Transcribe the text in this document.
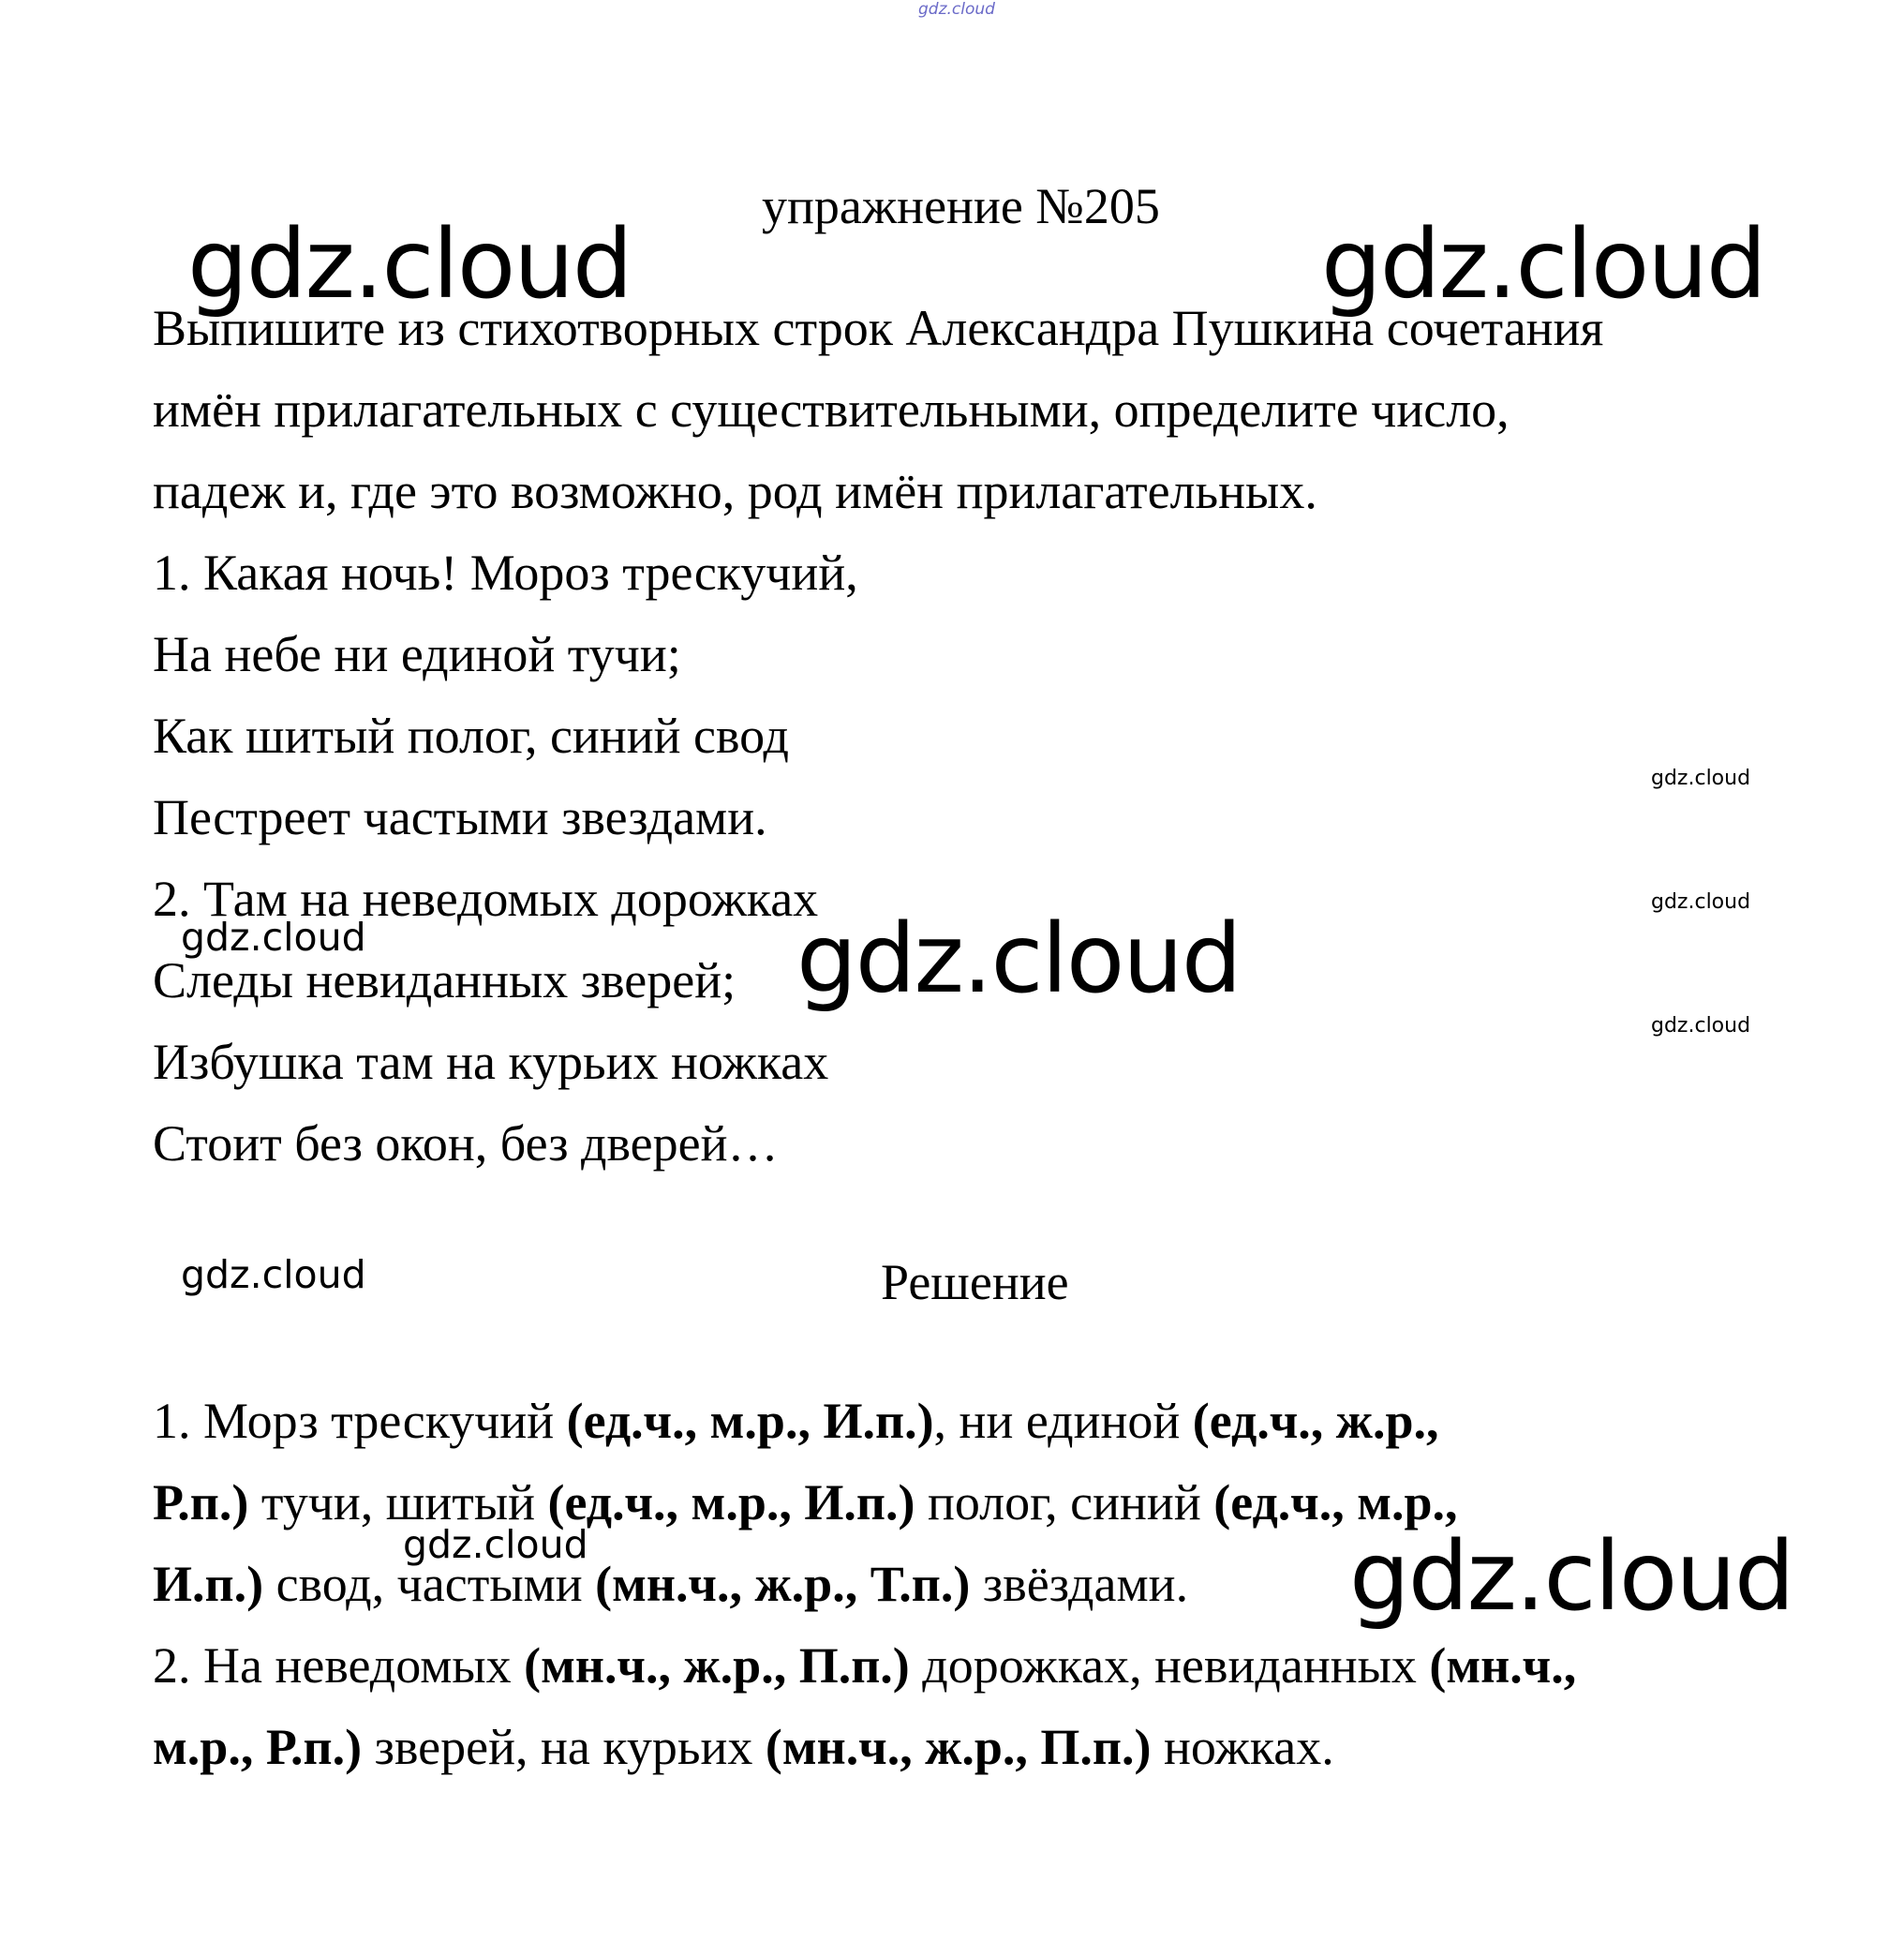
gdz.cloud
упражнение №205
Выпишите из стихотворных строк Александра Пушкина сочетания
имён прилагательных с существительными, определите число,
падеж и, где это возможно, род имён прилагательных.
1. Какая ночь! Мороз трескучий,
На небе ни единой тучи;
Как шитый полог, синий свод
Пестреет частыми звездами.
2. Там на неведомых дорожках
Следы невиданных зверей;
Избушка там на курьих ножках
Стоит без окон, без дверей…
Решение
1. Морз трескучий (ед.ч., м.р., И.п.), ни единой (ед.ч., ж.р.,
Р.п.) тучи, шитый (ед.ч., м.р., И.п.) полог, синий (ед.ч., м.р.,
И.п.) свод, частыми (мн.ч., ж.р., Т.п.) звёздами.
2. На неведомых (мн.ч., ж.р., П.п.) дорожках, невиданных (мн.ч.,
м.р., Р.п.) зверей, на курьих (мн.ч., ж.р., П.п.) ножках.
gdz.cloud	gdz.cloud
gdz.cloud
gdz.cloud
gdz.cloud
gdz.cloud
gdz.cloud
gdz.cloud
gdz.cloud
gdz.cloud
